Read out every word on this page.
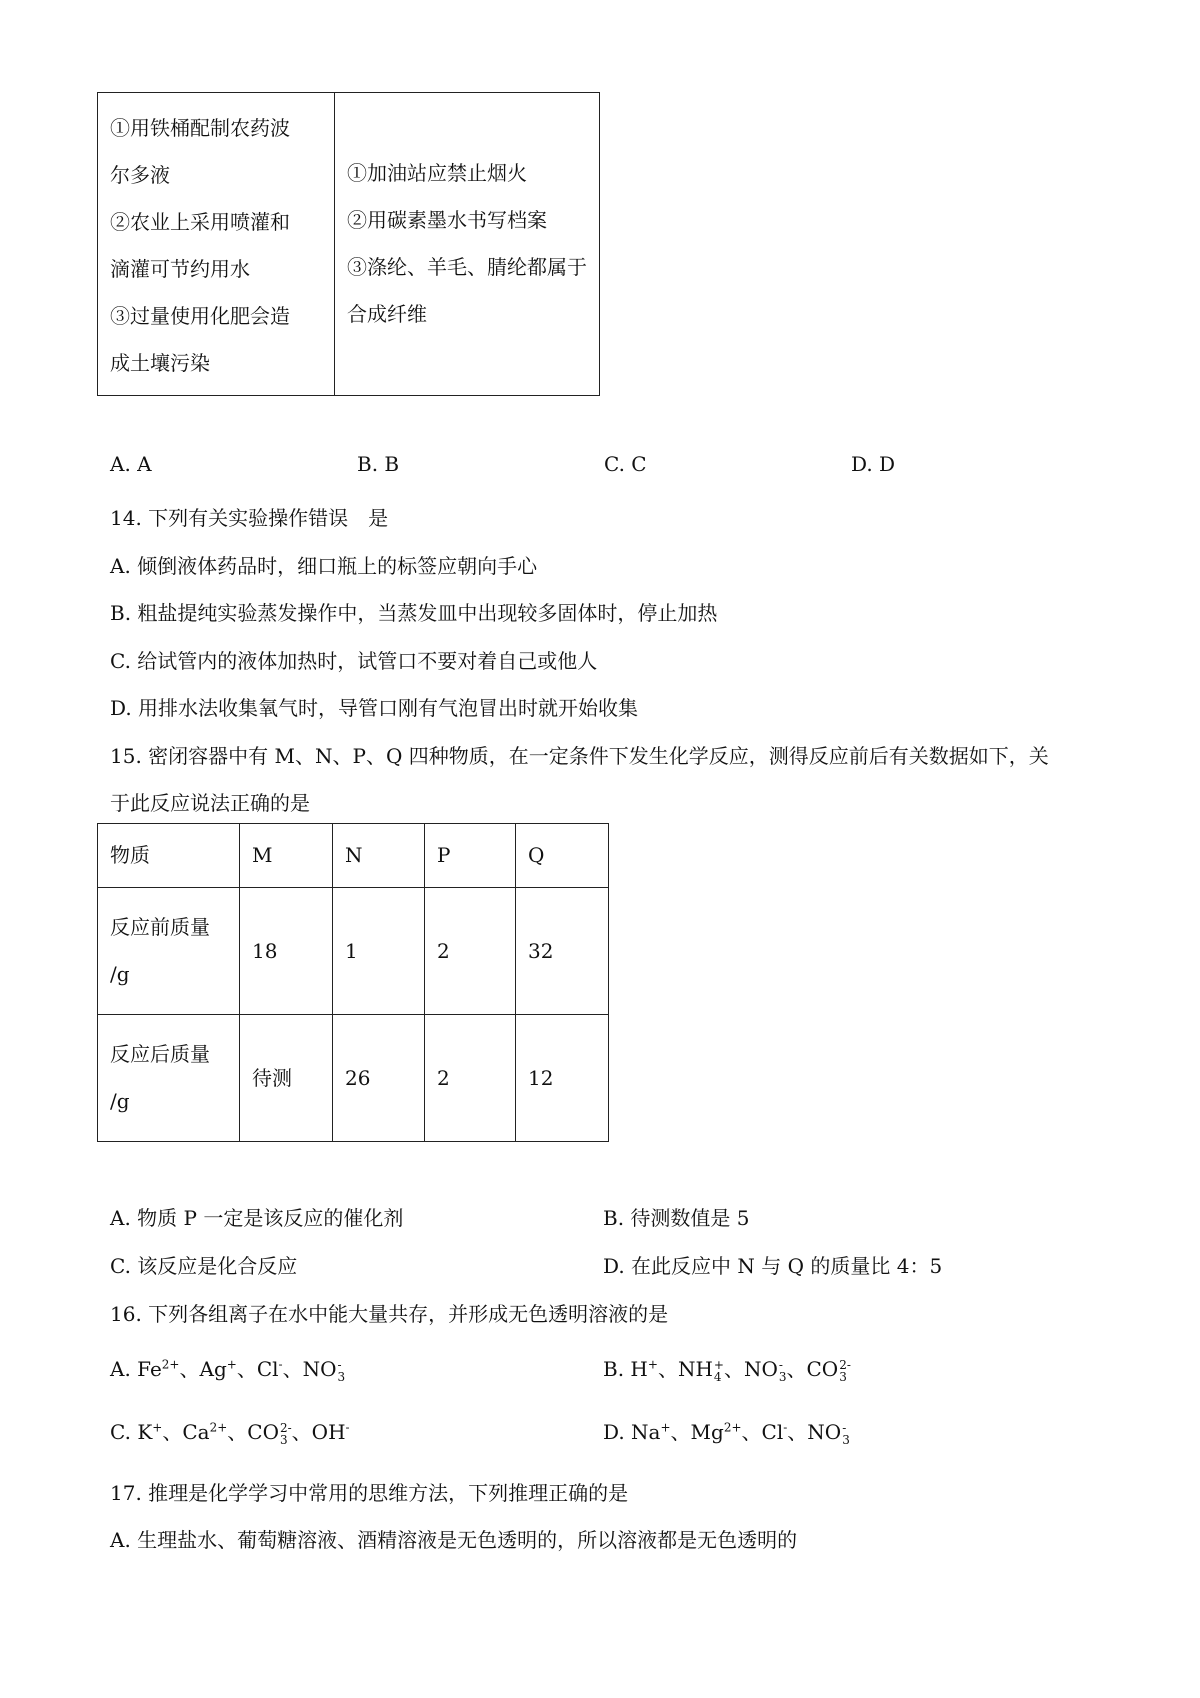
①用铁桶配制农药波
尔多液
②农业上采用喷灌和
滴灌可节约用水
③过量使用化肥会造
成土壤污染

①加油站应禁止烟火
②用碳素墨水书写档案
③涤纶、羊毛、腈纶都属于
合成纤维
A. A	B. B	C. C	D. D
14. 下列有关实验操作错误　是
A. 倾倒液体药品时，细口瓶上的标签应朝向手心
B. 粗盐提纯实验蒸发操作中，当蒸发皿中出现较多固体时，停止加热
C. 给试管内的液体加热时，试管口不要对着自己或他人
D. 用排水法收集氧气时，导管口刚有气泡冒出时就开始收集
15. 密闭容器中有 M、N、P、Q 四种物质，在一定条件下发生化学反应，测得反应前后有关数据如下，关
于此反应说法正确的是
物质	M	N	P	Q

反应前质量
/g	18	1	2	32

反应后质量
/g	待测	26	2	12
A. 物质 P 一定是该反应的催化剂	B. 待测数值是 5
C. 该反应是化合反应	D. 在此反应中 N 与 Q 的质量比 4：5
16. 下列各组离子在水中能大量共存，并形成无色透明溶液的是
A. $Fe^{2+}$、Ag+、Cl-、NO -
3	B. H+、NH +
4 、NO -
3 、CO 2-
3
C. K+、$Ca^{2+}$、CO 2-
3 、OH-	D. Na+、$Mg^{2+}$、Cl-、NO -
3
17. 推理是化学学习中常用的思维方法，下列推理正确的是
A. 生理盐水、葡萄糖溶液、酒精溶液是无色透明的，所以溶液都是无色透明的
